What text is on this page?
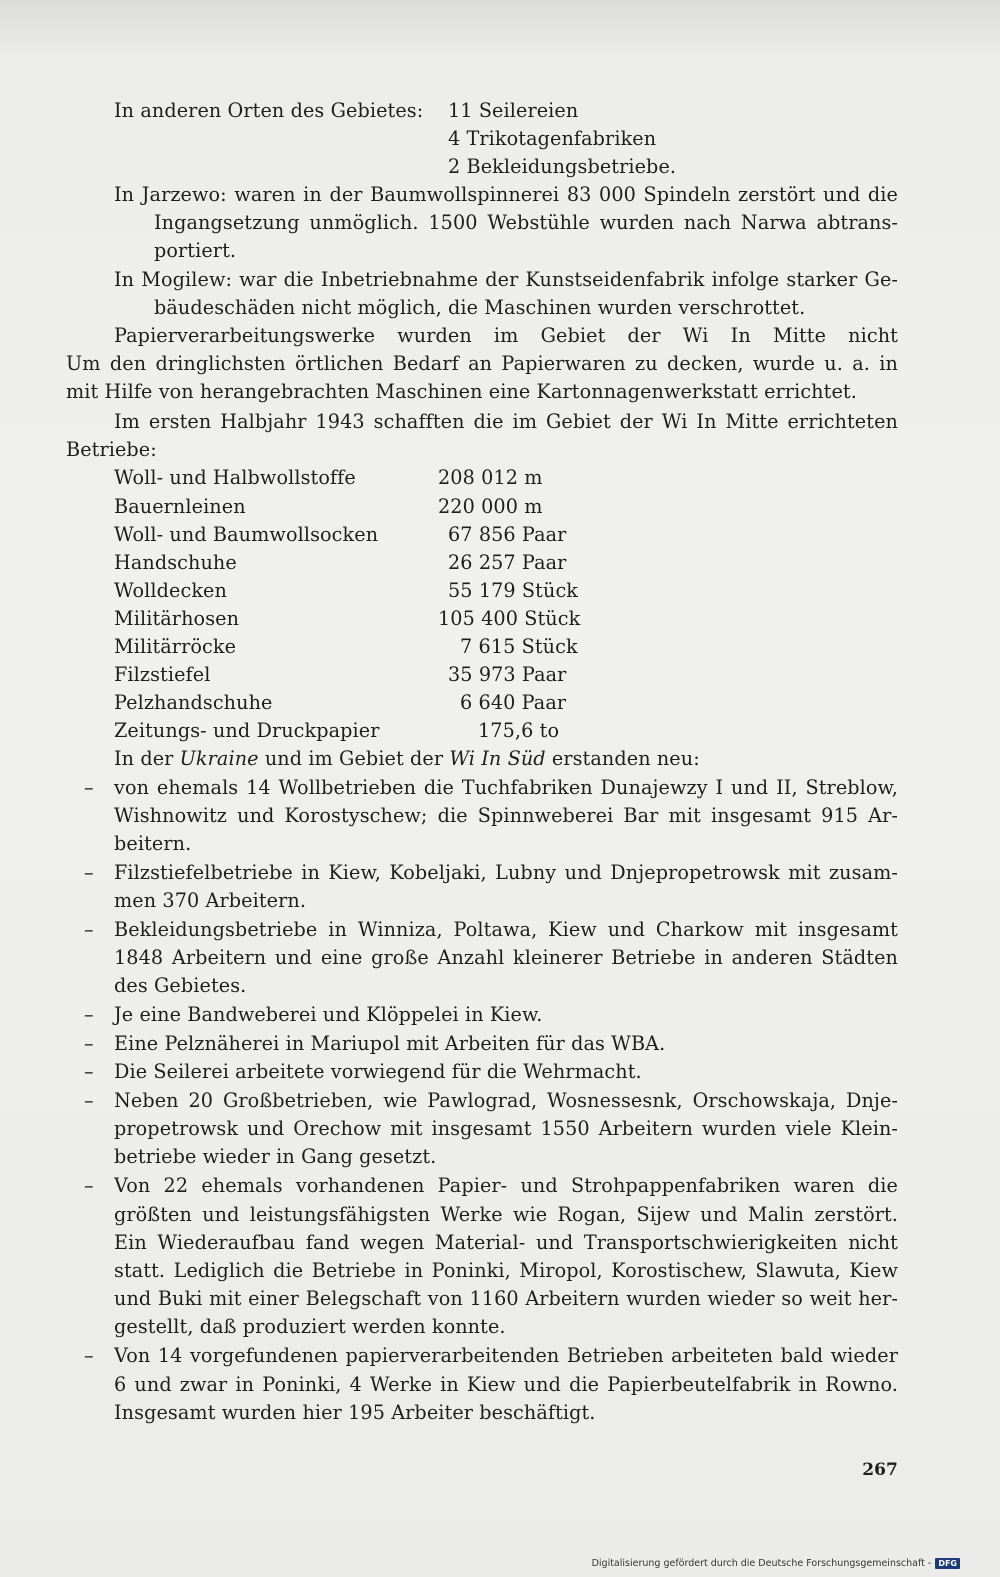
In anderen Orten des Gebietes: 11 Seilereien
4 Trikotagenfabriken
2 Bekleidungsbetriebe.
In Jarzewo: waren in der Baumwollspinnerei 83 000 Spindeln zerstört und die
Ingangsetzung unmöglich. 1500 Webstühle wurden nach Narwa abtrans-
portiert.
In Mogilew: war die Inbetriebnahme der Kunstseidenfabrik infolge starker Ge-
bäudeschäden nicht möglich, die Maschinen wurden verschrottet.
Papierverarbeitungswerke wurden im Gebiet der Wi In Mitte nicht
Um den dringlichsten örtlichen Bedarf an Papierwaren zu decken, wurde u. a. in
mit Hilfe von herangebrachten Maschinen eine Kartonnagenwerkstatt errichtet.
Im ersten Halbjahr 1943 schafften die im Gebiet der Wi In Mitte errichteten
Betriebe:
Woll- und Halbwollstoffe	208 012 m
Bauernleinen	220 000 m
Woll- und Baumwollsocken	67 856 Paar
Handschuhe	26 257 Paar
Wolldecken	55 179 Stück
Militärhosen	105 400 Stück
Militärröcke	7 615 Stück
Filzstiefel	35 973 Paar
Pelzhandschuhe	6 640 Paar
Zeitungs- und Druckpapier	175,6 to
In der Ukraine und im Gebiet der Wi In Süd erstanden neu:
– von ehemals 14 Wollbetrieben die Tuchfabriken Dunajewzy I und II, Streblow,
Wishnowitz und Korostyschew; die Spinnweberei Bar mit insgesamt 915 Ar-
beitern.
– Filzstiefelbetriebe in Kiew, Kobeljaki, Lubny und Dnjepropetrowsk mit zusam-
men 370 Arbeitern.
– Bekleidungsbetriebe in Winniza, Poltawa, Kiew und Charkow mit insgesamt
1848 Arbeitern und eine große Anzahl kleinerer Betriebe in anderen Städten
des Gebietes.
– Je eine Bandweberei und Klöppelei in Kiew.
– Eine Pelznäherei in Mariupol mit Arbeiten für das WBA.
– Die Seilerei arbeitete vorwiegend für die Wehrmacht.
– Neben 20 Großbetrieben, wie Pawlograd, Wosnessesnk, Orschowskaja, Dnje-
propetrowsk und Orechow mit insgesamt 1550 Arbeitern wurden viele Klein-
betriebe wieder in Gang gesetzt.
– Von 22 ehemals vorhandenen Papier- und Strohpappenfabriken waren die
größten und leistungsfähigsten Werke wie Rogan, Sijew und Malin zerstört.
Ein Wiederaufbau fand wegen Material- und Transportschwierigkeiten nicht
statt. Lediglich die Betriebe in Poninki, Miropol, Korostischew, Slawuta, Kiew
und Buki mit einer Belegschaft von 1160 Arbeitern wurden wieder so weit her-
gestellt, daß produziert werden konnte.
– Von 14 vorgefundenen papierverarbeitenden Betrieben arbeiteten bald wieder
6 und zwar in Poninki, 4 Werke in Kiew und die Papierbeutelfabrik in Rowno.
Insgesamt wurden hier 195 Arbeiter beschäftigt.
267
Digitalisierung gefördert durch die Deutsche Forschungsgemeinschaft - DFG
